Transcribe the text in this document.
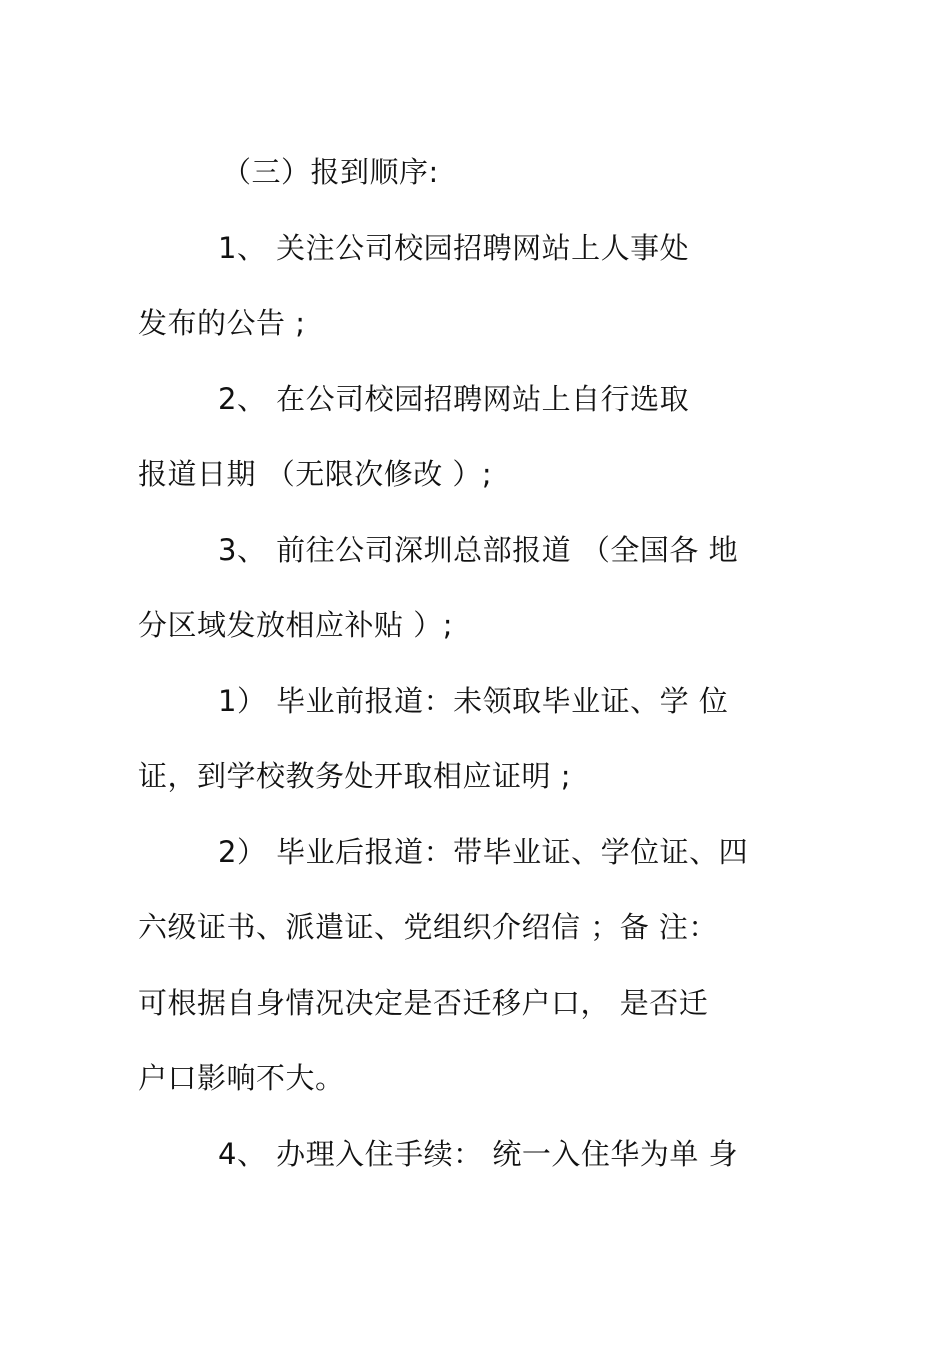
（三）报到顺序:
1、 关注公司校园招聘网站上人事处
发布的公告 ;
2、 在公司校园招聘网站上自行选取
报道日期 （无限次修改 ）;
3、 前往公司深圳总部报道 （全国各 地
分区域发放相应补贴 ）;
1） 毕业前报道：未领取毕业证、学 位
证，到学校教务处开取相应证明 ;
2） 毕业后报道：带毕业证、学位证、四
六级证书、派遣证、党组织介绍信 ；备 注：
可根据自身情况决定是否迁移户口， 是否迁
户口影响不大。
4、 办理入住手续： 统一入住华为单 身
